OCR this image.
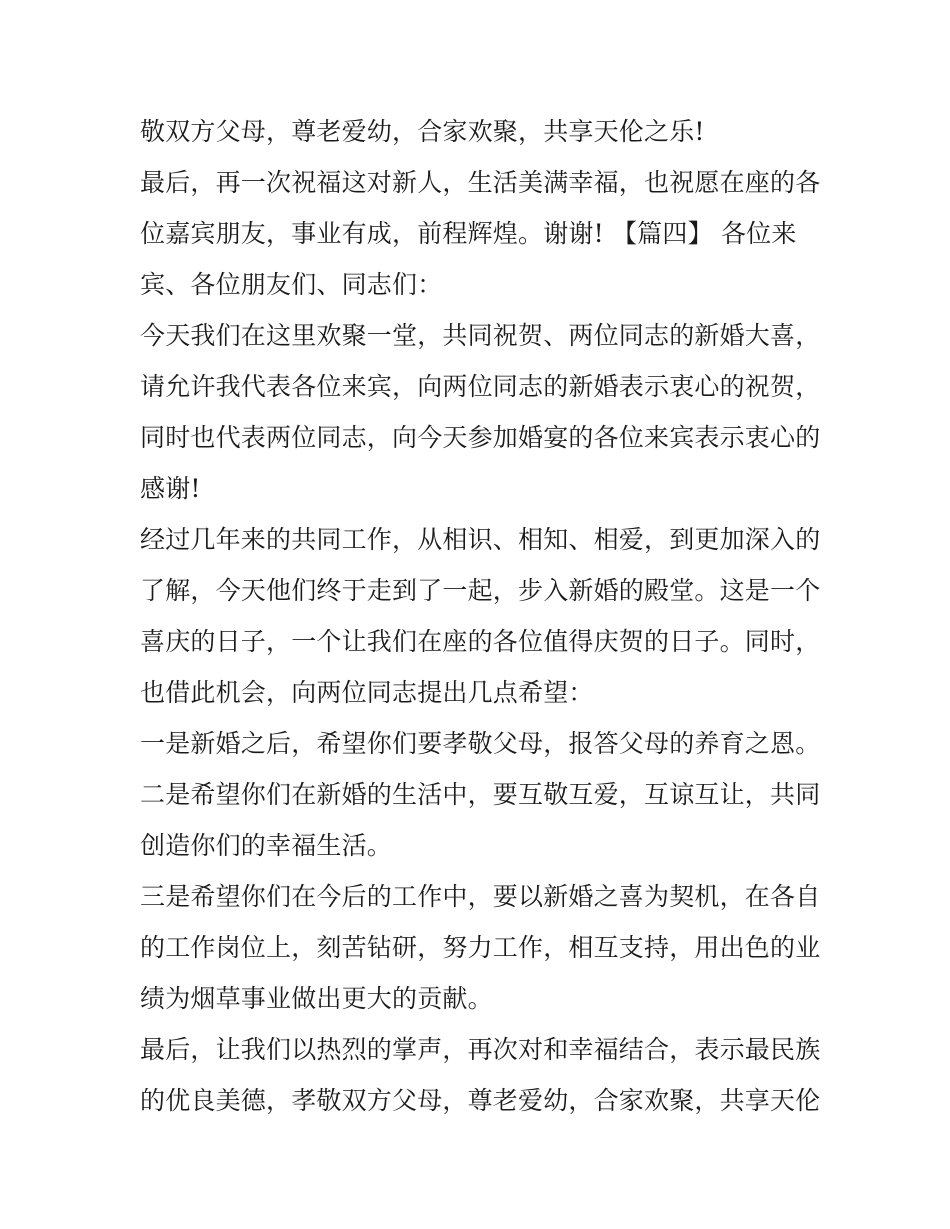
敬双方父母，尊老爱幼，合家欢聚，共享天伦之乐!
最后，再一次祝福这对新人，生活美满幸福，也祝愿在座的各
位嘉宾朋友，事业有成，前程辉煌。谢谢! 【篇四】 各位来
宾、各位朋友们、同志们：
今天我们在这里欢聚一堂，共同祝贺、两位同志的新婚大喜，
请允许我代表各位来宾，向两位同志的新婚表示衷心的祝贺，
同时也代表两位同志，向今天参加婚宴的各位来宾表示衷心的
感谢!
经过几年来的共同工作，从相识、相知、相爱，到更加深入的
了解，今天他们终于走到了一起，步入新婚的殿堂。这是一个
喜庆的日子，一个让我们在座的各位值得庆贺的日子。同时，
也借此机会，向两位同志提出几点希望：
一是新婚之后，希望你们要孝敬父母，报答父母的养育之恩。
二是希望你们在新婚的生活中，要互敬互爱，互谅互让，共同
创造你们的幸福生活。
三是希望你们在今后的工作中，要以新婚之喜为契机，在各自
的工作岗位上，刻苦钻研，努力工作，相互支持，用出色的业
绩为烟草事业做出更大的贡献。
最后，让我们以热烈的掌声，再次对和幸福结合，表示最民族
的优良美德，孝敬双方父母，尊老爱幼，合家欢聚，共享天伦
